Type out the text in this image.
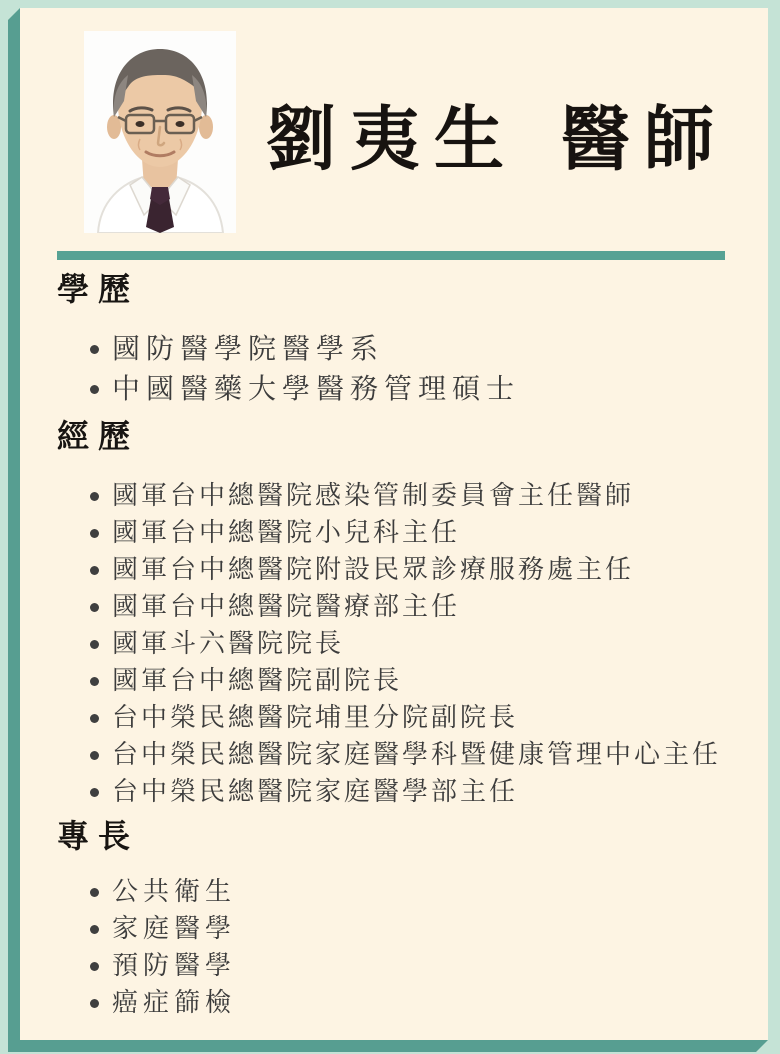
劉夷生 醫師
學歷
國防醫學院醫學系
中國醫藥大學醫務管理碩士
經歷
國軍台中總醫院感染管制委員會主任醫師
國軍台中總醫院小兒科主任
國軍台中總醫院附設民眾診療服務處主任
國軍台中總醫院醫療部主任
國軍斗六醫院院長
國軍台中總醫院副院長
台中榮民總醫院埔里分院副院長
台中榮民總醫院家庭醫學科暨健康管理中心主任
台中榮民總醫院家庭醫學部主任
專長
公共衛生
家庭醫學
預防醫學
癌症篩檢
